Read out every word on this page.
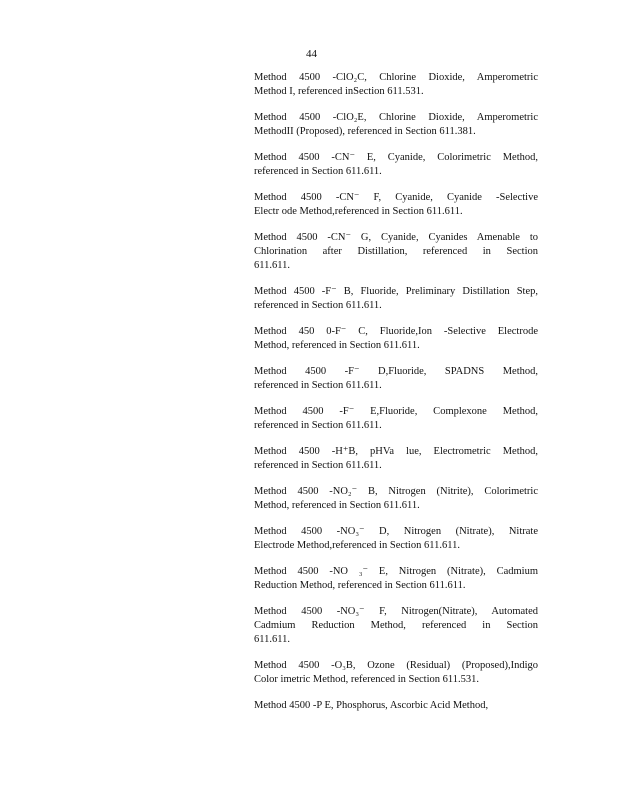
44
Method 4500 -ClO₂C, Chlorine Dioxide, Amperometric
Method I, referenced inSection 611.531.
Method 4500 -ClO₂E, Chlorine Dioxide, Amperometric
MethodII (Proposed), referenced in Section 611.381.
Method 4500 -CN⁻ E, Cyanide, Colorimetric Method,
referenced in Section 611.611.
Method 4500 -CN⁻ F, Cyanide, Cyanide -Selective
Electr ode Method,referenced in Section 611.611.
Method 4500 -CN⁻ G, Cyanide, Cyanides Amenable to
Chlorination after Distillation, referenced in Section
611.611.
Method 4500 -F⁻ B, Fluoride, Preliminary Distillation Step,
referenced in Section 611.611.
Method 450 0-F⁻ C, Fluoride,Ion -Selective Electrode
Method, referenced in Section 611.611.
Method 4500 -F⁻ D,Fluoride, SPADNS Method,
referenced in Section 611.611.
Method 4500 -F⁻ E,Fluoride, Complexone Method,
referenced in Section 611.611.
Method 4500 -H⁺B, pHVa lue, Electrometric Method,
referenced in Section 611.611.
Method 4500 -NO₂⁻ B, Nitrogen (Nitrite), Colorimetric
Method, referenced in Section 611.611.
Method 4500 -NO₃⁻ D, Nitrogen (Nitrate), Nitrate
Electrode Method,referenced in Section 611.611.
Method 4500 -NO ₃⁻ E, Nitrogen (Nitrate), Cadmium
Reduction Method, referenced in Section 611.611.
Method 4500 -NO₃⁻ F, Nitrogen(Nitrate), Automated
Cadmium Reduction Method, referenced in Section
611.611.
Method 4500 -O₃B, Ozone (Residual) (Proposed),Indigo
Color imetric Method, referenced in Section 611.531.
Method 4500 -P E, Phosphorus, Ascorbic Acid Method,
